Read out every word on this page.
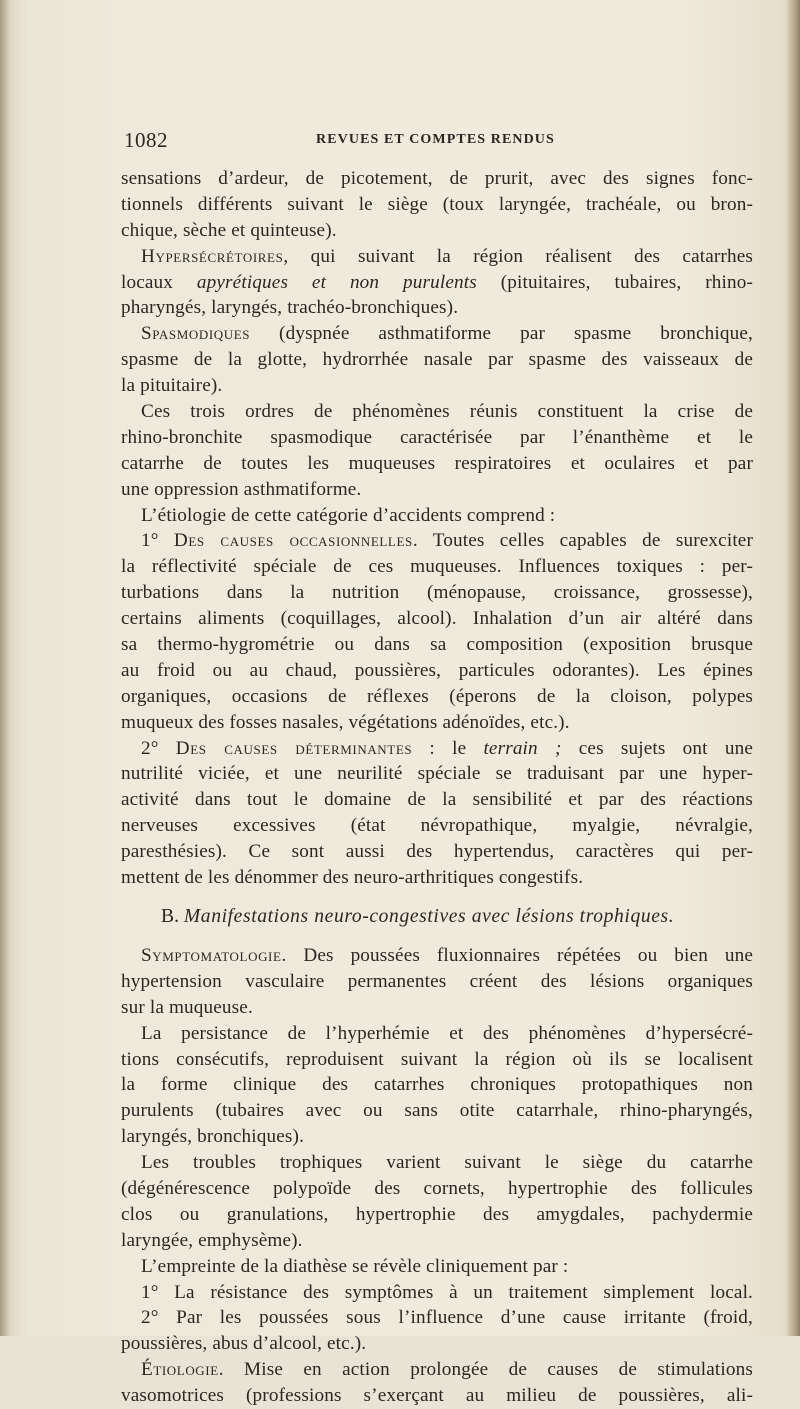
1082	REVUES ET COMPTES RENDUS
sensations d’ardeur, de picotement, de prurit, avec des signes fonc-
tionnels différents suivant le siège (toux laryngée, trachéale, ou bron-
chique, sèche et quinteuse).
Hypersécrétoires, qui suivant la région réalisent des catarrhes
locaux apyrétiques et non purulents (pituitaires, tubaires, rhino-
pharyngés, laryngés, trachéo-bronchiques).
Spasmodiques (dyspnée asthmatiforme par spasme bronchique,
spasme de la glotte, hydrorrhée nasale par spasme des vaisseaux de
la pituitaire).
Ces trois ordres de phénomènes réunis constituent la crise de
rhino-bronchite spasmodique caractérisée par l’énanthème et le
catarrhe de toutes les muqueuses respiratoires et oculaires et par
une oppression asthmatiforme.
L’étiologie de cette catégorie d’accidents comprend :
1° Des causes occasionnelles. Toutes celles capables de surexciter
la réflectivité spéciale de ces muqueuses. Influences toxiques : per-
turbations dans la nutrition (ménopause, croissance, grossesse),
certains aliments (coquillages, alcool). Inhalation d’un air altéré dans
sa thermo-hygrométrie ou dans sa composition (exposition brusque
au froid ou au chaud, poussières, particules odorantes). Les épines
organiques, occasions de réflexes (éperons de la cloison, polypes
muqueux des fosses nasales, végétations adénoïdes, etc.).
2° Des causes déterminantes : le terrain ; ces sujets ont une
nutrilité viciée, et une neurilité spéciale se traduisant par une hyper-
activité dans tout le domaine de la sensibilité et par des réactions
nerveuses excessives (état névropathique, myalgie, névralgie,
paresthésies). Ce sont aussi des hypertendus, caractères qui per-
mettent de les dénommer des neuro-arthritiques congestifs.
B. Manifestations neuro-congestives avec lésions trophiques.
Symptomatologie. Des poussées fluxionnaires répétées ou bien une
hypertension vasculaire permanentes créent des lésions organiques
sur la muqueuse.
La persistance de l’hyperhémie et des phénomènes d’hypersécré-
tions consécutifs, reproduisent suivant la région où ils se localisent
la forme clinique des catarrhes chroniques protopathiques non
purulents (tubaires avec ou sans otite catarrhale, rhino-pharyngés,
laryngés, bronchiques).
Les troubles trophiques varient suivant le siège du catarrhe
(dégénérescence polypoïde des cornets, hypertrophie des follicules
clos ou granulations, hypertrophie des amygdales, pachydermie
laryngée, emphysème).
L’empreinte de la diathèse se révèle cliniquement par :
1° La résistance des symptômes à un traitement simplement local.
2° Par les poussées sous l’influence d’une cause irritante (froid,
poussières, abus d’alcool, etc.).
Étiologie. Mise en action prolongée de causes de stimulations
vasomotrices (professions s’exerçant au milieu de poussières, ali-
